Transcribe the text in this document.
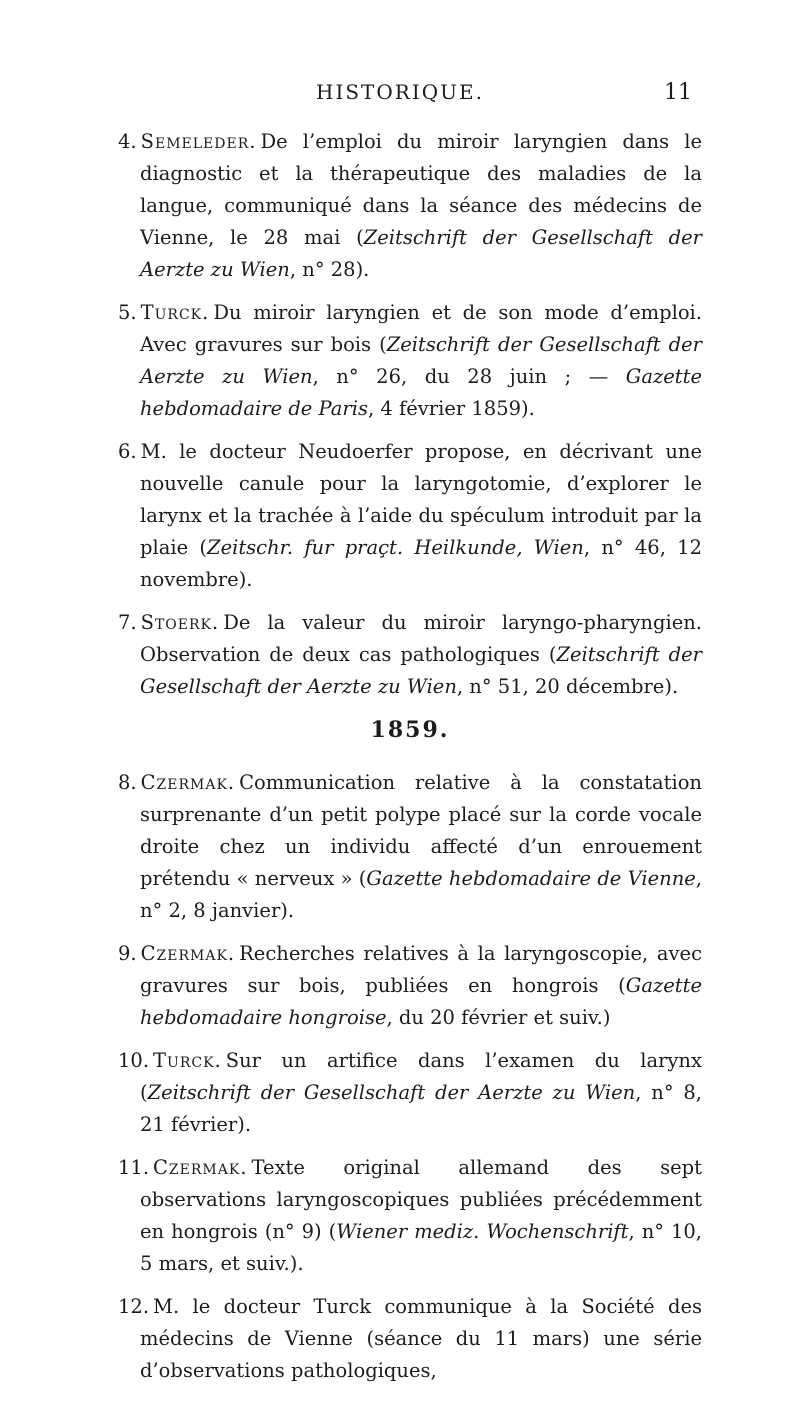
HISTORIQUE.	11

4. Semeleder. De l’emploi du miroir laryngien dans le diagnostic et la thérapeutique des maladies de la langue, communiqué dans la séance des médecins de Vienne, le 28 mai (Zeitschrift der Gesellschaft der Aerzte zu Wien, n° 28).

5. Turck. Du miroir laryngien et de son mode d’emploi. Avec gravures sur bois (Zeitschrift der Gesellschaft der Aerzte zu Wien, n° 26, du 28 juin ; — Gazette hebdomadaire de Paris, 4 février 1859).

6. M. le docteur Neudoerfer propose, en décrivant une nouvelle canule pour la laryngotomie, d’explorer le larynx et la trachée à l’aide du spéculum introduit par la plaie (Zeitschr. fur praçt. Heilkunde, Wien, n° 46, 12 novembre).

7. Stoerk. De la valeur du miroir laryngo-pharyngien. Observation de deux cas pathologiques (Zeitschrift der Gesellschaft der Aerzte zu Wien, n° 51, 20 décembre).

1859.

8. Czermak. Communication relative à la constatation surprenante d’un petit polype placé sur la corde vocale droite chez un individu affecté d’un enrouement prétendu « nerveux » (Gazette hebdomadaire de Vienne, n° 2, 8 janvier).

9. Czermak. Recherches relatives à la laryngoscopie, avec gravures sur bois, publiées en hongrois (Gazette hebdomadaire hongroise, du 20 février et suiv.)

10. Turck. Sur un artifice dans l’examen du larynx (Zeitschrift der Gesellschaft der Aerzte zu Wien, n° 8, 21 février).

11. Czermak. Texte original allemand des sept observations laryngoscopiques publiées précédemment en hongrois (n° 9) (Wiener mediz. Wochenschrift, n° 10, 5 mars, et suiv.).

12. M. le docteur Turck communique à la Société des médecins de Vienne (séance du 11 mars) une série d’observations pathologiques,
